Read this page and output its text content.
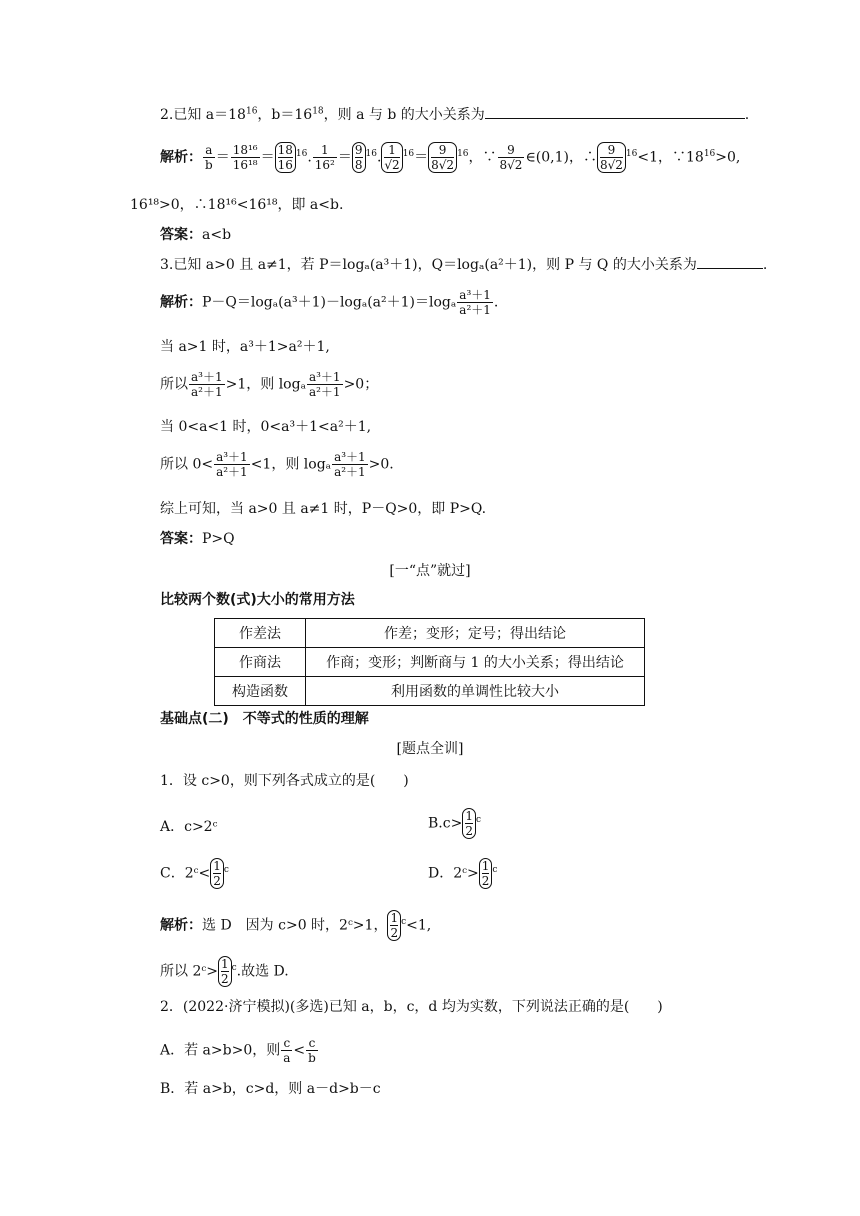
2.已知 $a=18^{16}$，$b=16^{18}$，则 a 与 b 的大小关系为	.
解析： $\frac{a}{b} = \frac{\text{18¹⁶}}{\text{16¹⁸}} = \frac{18}{16}^{16}$. $\frac{1}{\text{16²}} = \frac{9}{8}^{16}$. $\frac{1}{√2}^{16}= \frac{9}{8√2}^{16}$，∵ $\frac{9}{8√2}$ ∈(0,1)，∴ $\frac{9}{8√2}^{16}<1$，$\because 18^{16}>0$,
16¹⁸>0，∴18¹⁶<16¹⁸，即 a<b.
答案：a<b
3.已知 a>0 且 a≠1，若 P＝logₐ(a³＋1)，Q＝logₐ(a²＋1)，则 P 与 Q 的大小关系为	.
解析：$P-Q=\log_a(a^3+1)-\log_a(a^2+1)=\log_a \frac{\text{a³＋1}}{\text{a²＋1}}$ .
当 a>1 时，a³＋1>a²＋1,
所以 $\frac{\text{a³＋1}}{\text{a²＋1}} >1$，则 logₐ $\frac{\text{a³＋1}}{\text{a²＋1}} >0$；
当 0<a<1 时，0<a³＋1<a²＋1,
所以 $0< \frac{\text{a³＋1}}{\text{a²＋1}} <1$，则 logₐ $\frac{\text{a³＋1}}{\text{a²＋1}} >0$.
综上可知，当 a>0 且 a≠1 时，P－Q>0，即 P>Q.
答案：P>Q
[一“点”就过]
比较两个数(式)大小的常用方法
作差法	作差；变形；定号；得出结论
作商法	作商；变形；判断商与 1 的大小关系；得出结论
构造函数	利用函数的单调性比较大小
基础点(二)　不等式的性质的理解
[题点全训]
1．设 c>0，则下列各式成立的是(　　)
A．c>2ᶜ	$B.c> \frac{1}{2}^c$
C．2ᶜ< $\frac{1}{2}^c$	D．2ᶜ> $\frac{1}{2}^c$
解析：选 D　因为 c>0 时，2ᶜ>1， $\frac{1}{2}^c<1$,
所以 2ᶜ> $\frac{1}{2}^c$.故选 D.
2．(2022·济宁模拟)(多选)已知 a，b，c，d 均为实数，下列说法正确的是(　　)
A．若 a>b>0，则 $\frac{c}{a} < \frac{c}{b}$
B．若 a>b，c>d，则 a－d>b－c
